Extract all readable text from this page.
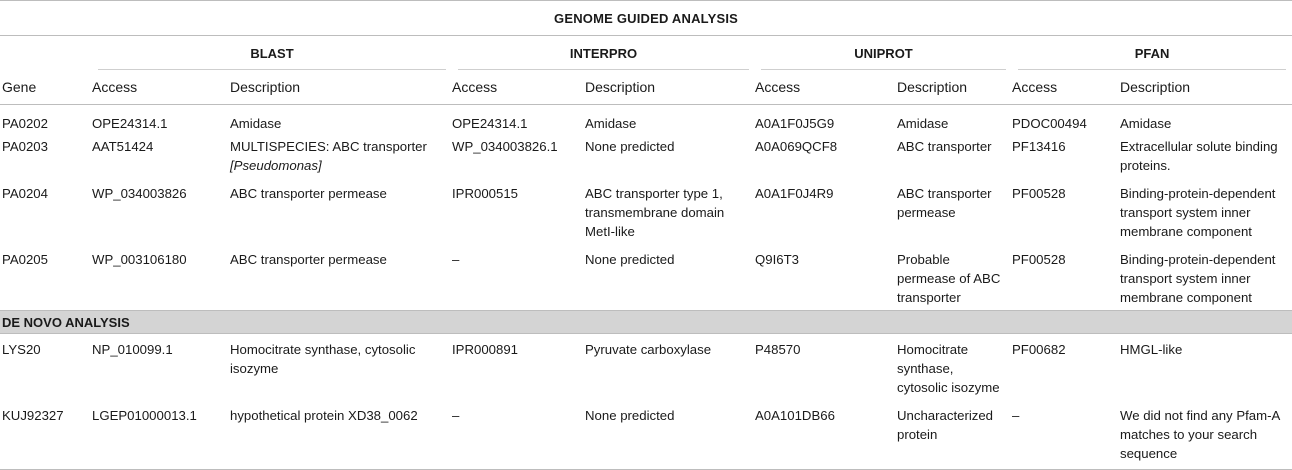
GENOME GUIDED ANALYSIS								

	BLAST		INTERPRO		UNIPROT		PFAN	

Gene	Access	Description	Access	Description	Access	Description	Access	Description
PA0202	OPE24314.1	Amidase	OPE24314.1	Amidase	A0A1F0J5G9	Amidase	PDOC00494	Amidase
PA0203	AAT51424	MULTISPECIES: ABC transporter [Pseudomonas]	WP_034003826.1	None predicted	A0A069QCF8	ABC transporter	PF13416	Extracellular solute binding proteins.
PA0204	WP_034003826	ABC transporter permease	IPR000515	ABC transporter type 1, transmembrane domain MetI-like	A0A1F0J4R9	ABC transporter permease	PF00528	Binding-protein-dependent transport system inner membrane component
PA0205	WP_003106180	ABC transporter permease	–	None predicted	Q9I6T3	Probable permease of ABC transporter	PF00528	Binding-protein-dependent transport system inner membrane component
DE NOVO ANALYSIS								
LYS20	NP_010099.1	Homocitrate synthase, cytosolic isozyme	IPR000891	Pyruvate carboxylase	P48570	Homocitrate synthase, cytosolic isozyme	PF00682	HMGL-like
KUJ92327	LGEP01000013.1	hypothetical protein XD38_0062	–	None predicted	A0A101DB66	Uncharacterized protein	–	We did not find any Pfam-A matches to your search sequence
